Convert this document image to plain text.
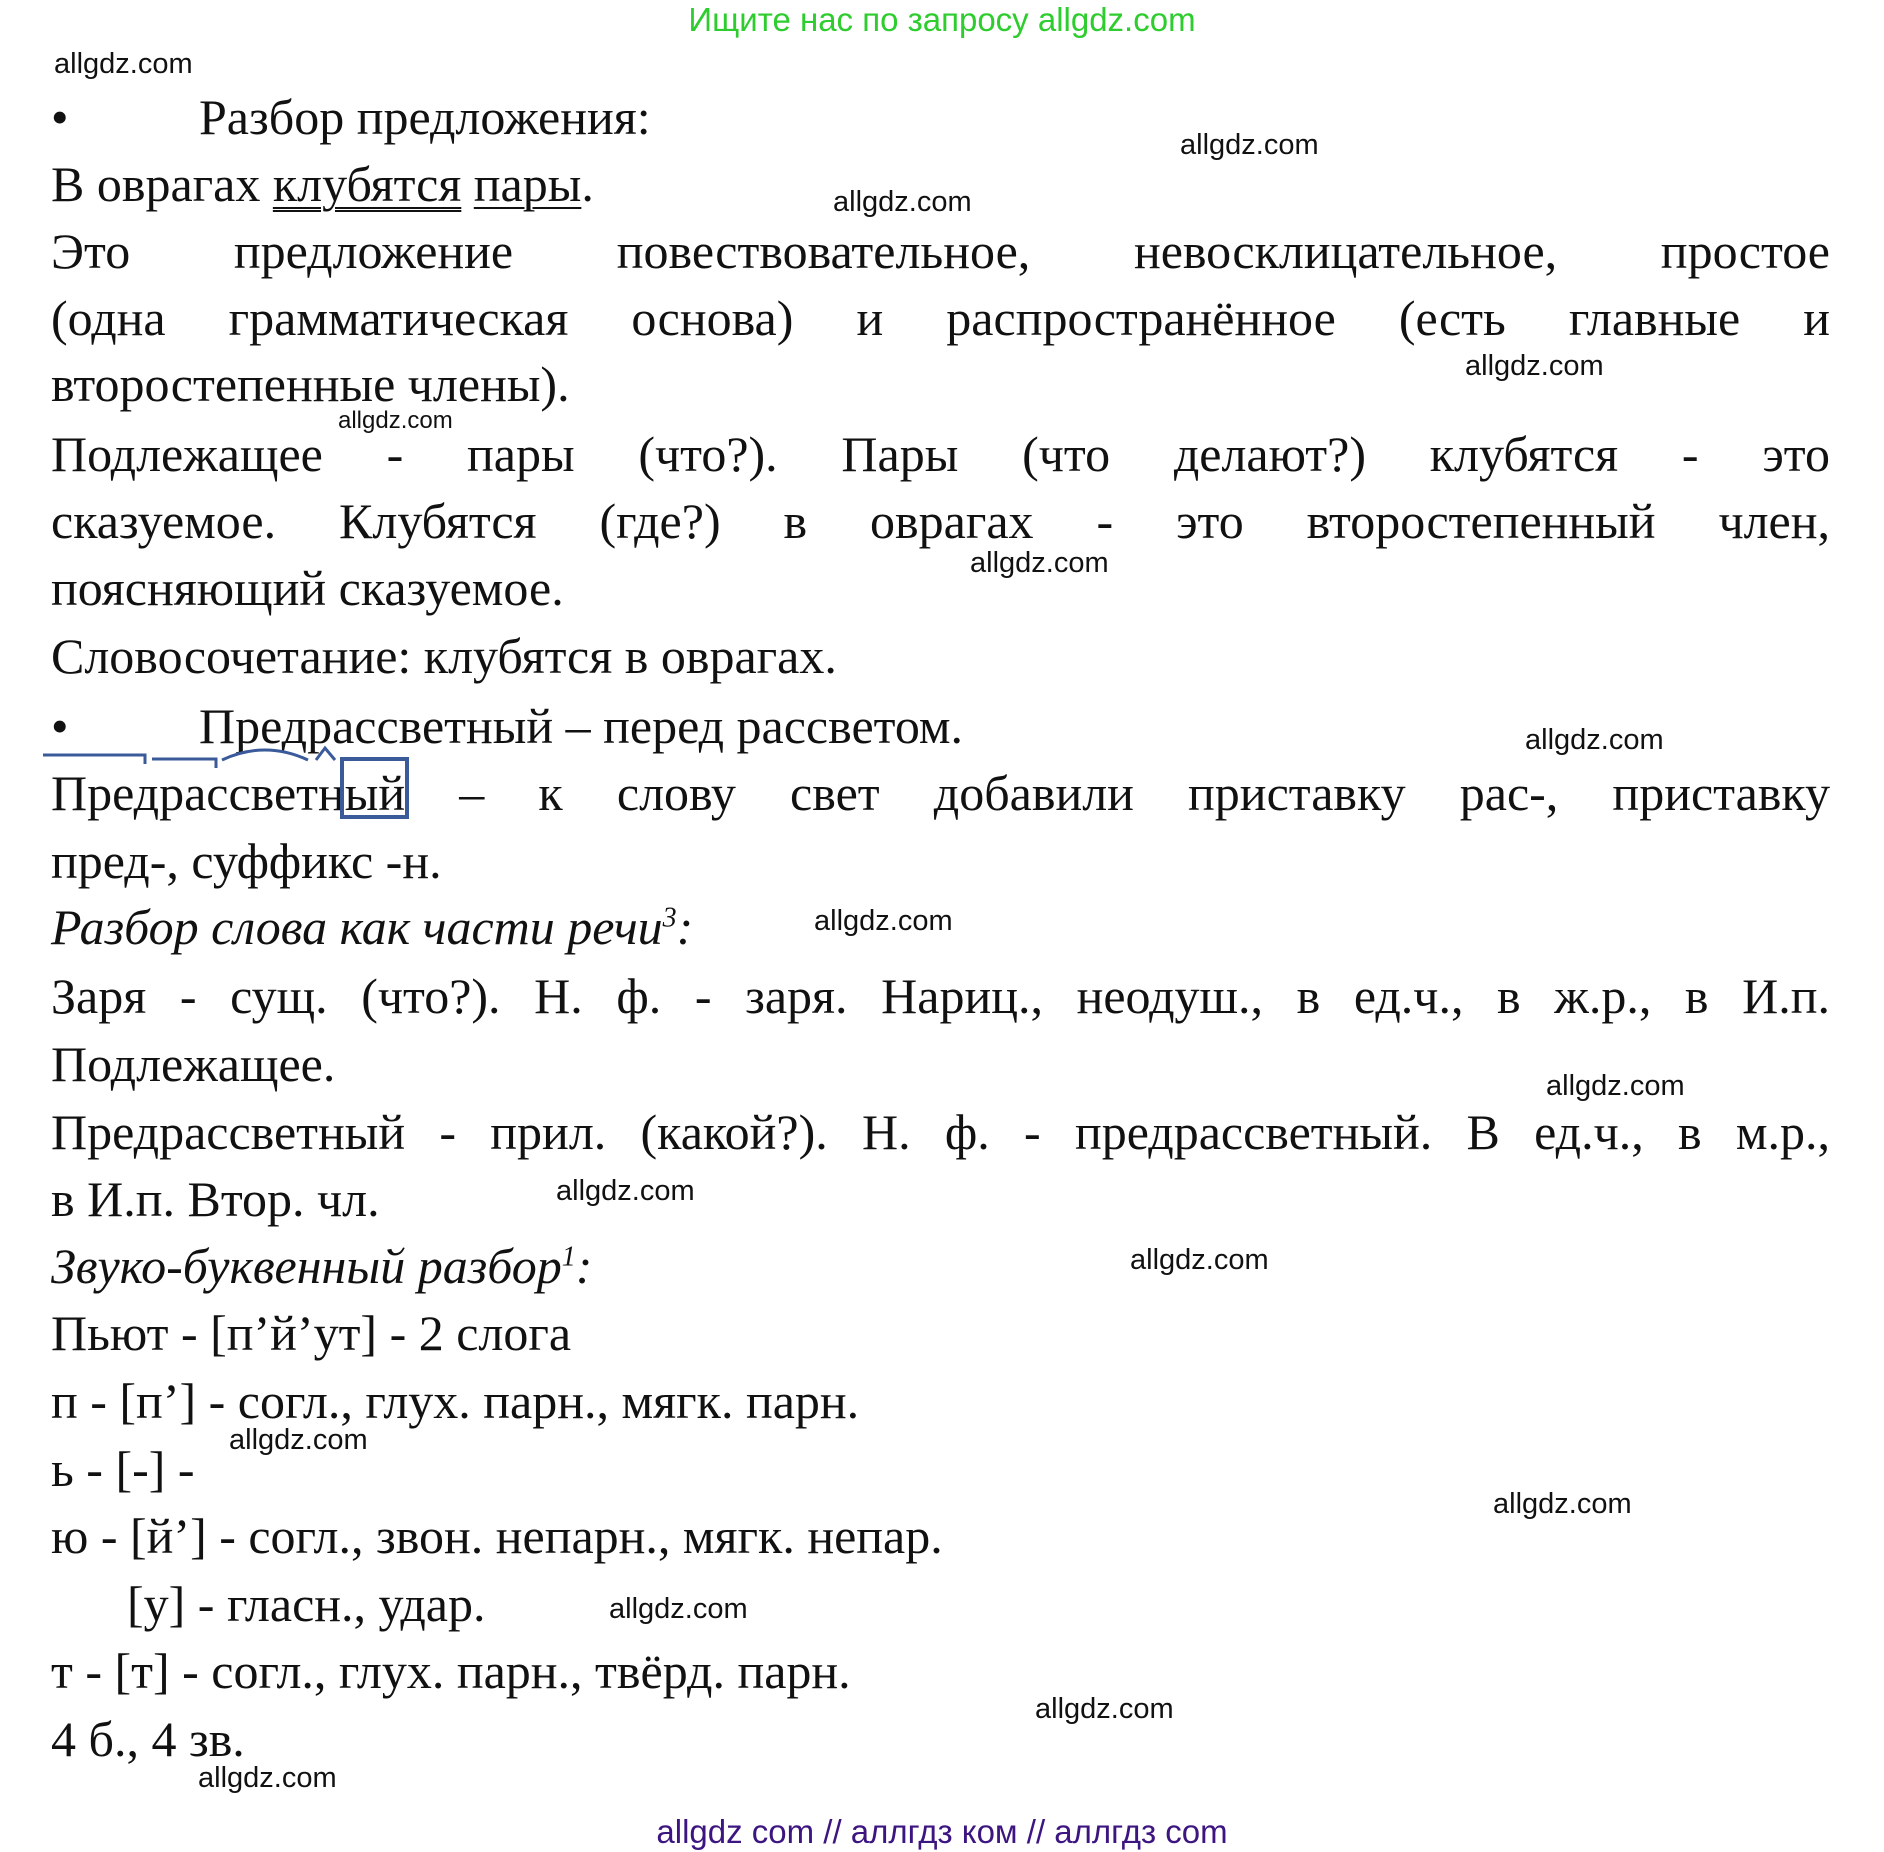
Ищите нас по запросу allgdz.com
allgdz.com
allgdz.com
allgdz.com
allgdz.com
allgdz.com
allgdz.com
allgdz.com
allgdz.com
allgdz.com
allgdz.com
allgdz.com
allgdz.com
allgdz.com
allgdz.com
allgdz.com
allgdz.com
•	Разбор предложения:
В оврагах клубятся пары.
Это предложение повествовательное, невосклицательное, простое
(одна грамматическая основа) и распространённое (есть главные и
второстепенные члены).
Подлежащее - пары (что?). Пары (что делают?) клубятся - это
сказуемое. Клубятся (где?) в оврагах - это второстепенный член,
поясняющий сказуемое.
Словосочетание: клубятся в оврагах.
•	Предрассветный – перед рассветом.
Предрассветный – к слову свет добавили приставку рас-, приставку
пред-, суффикс -н.
Разбор слова как части речи$^3$:
Заря - сущ. (что?). Н. ф. - заря. Нариц., неодуш., в ед.ч., в ж.р., в И.п.
Подлежащее.
Предрассветный - прил. (какой?). Н. ф. - предрассветный. В ед.ч., в м.р.,
в И.п. Втор. чл.
Звуко-буквенный разбор$^1$:
Пьют - [п’й’ут] - 2 слога
п - [п’] - согл., глух. парн., мягк. парн.
ь - [-] -
ю - [й’] - согл., звон. непарн., мягк. непар.
[у] - гласн., удар.
т - [т] - согл., глух. парн., твёрд. парн.
4 б., 4 зв.
allgdz com // аллгдз ком // аллгдз com
